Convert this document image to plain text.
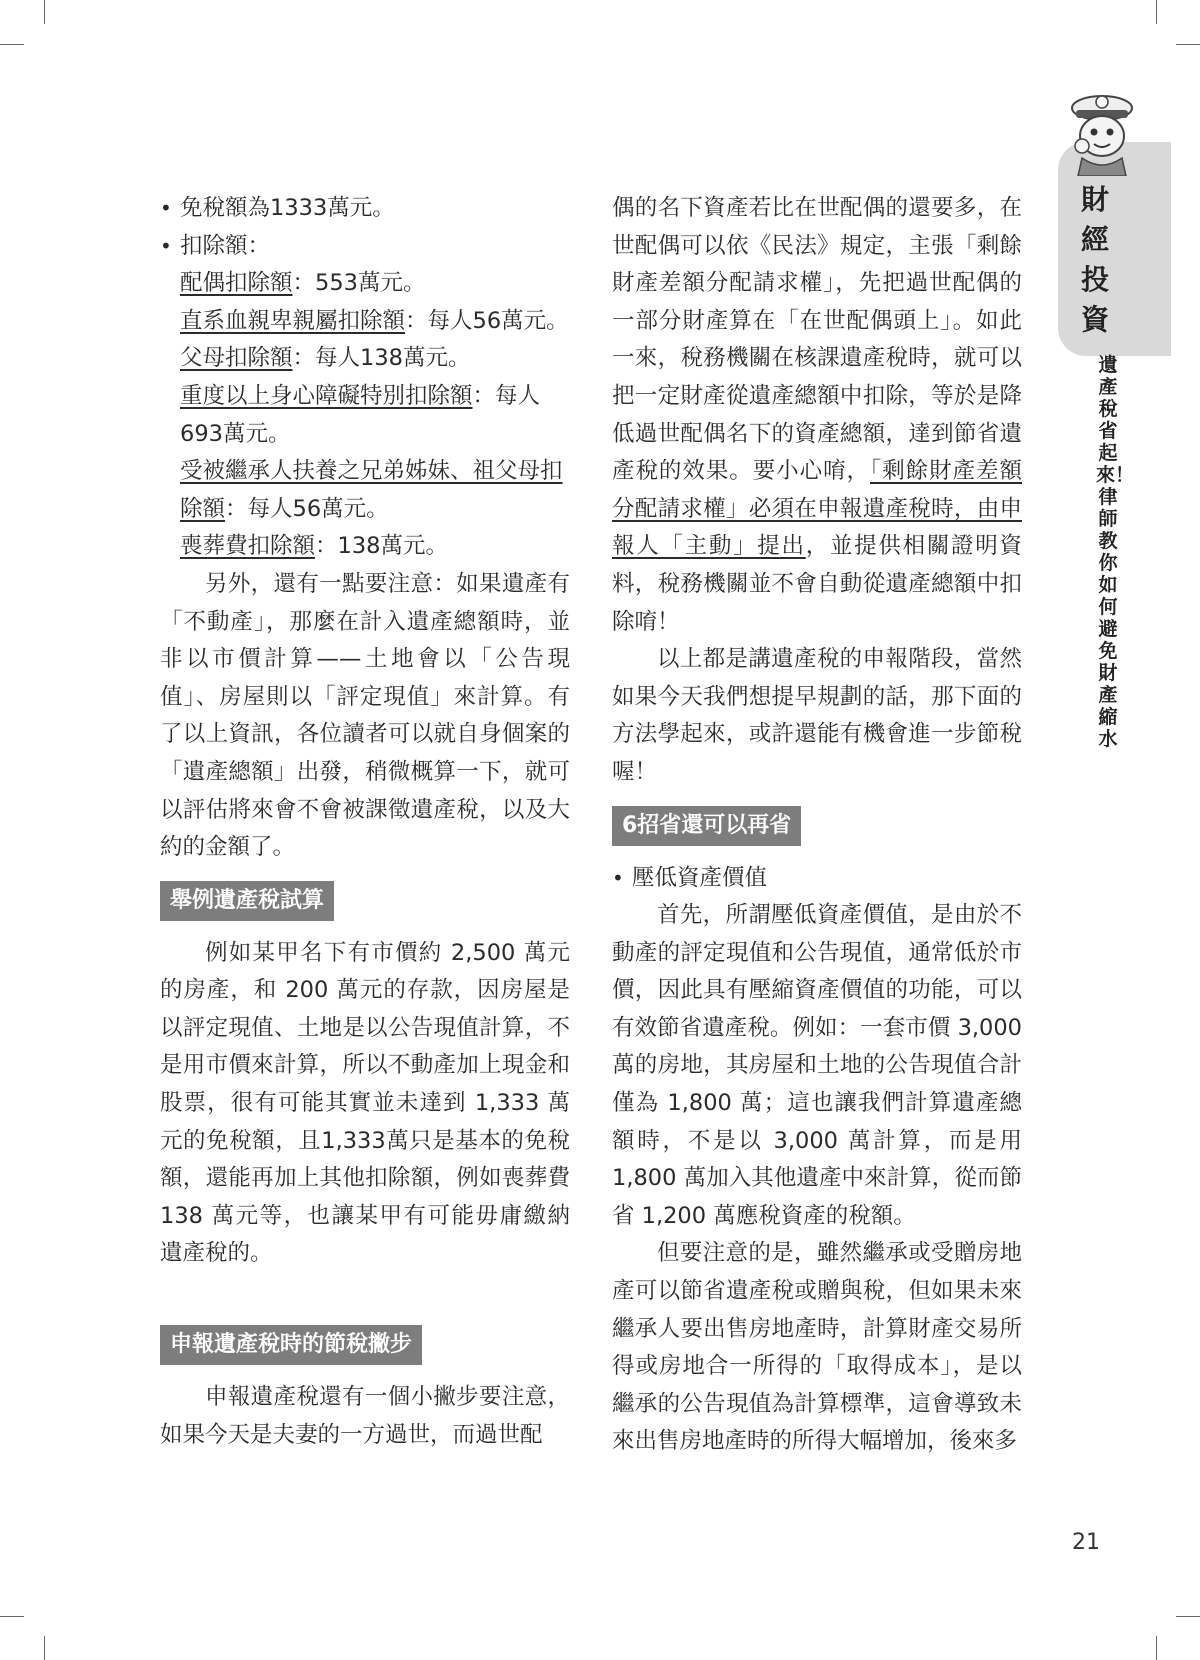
• 免稅額為1333萬元。

• 扣除額：

配偶扣除額：553萬元。

直系血親卑親屬扣除額：每人56萬元。

父母扣除額：每人138萬元。

重度以上身心障礙特別扣除額：每人693萬元。

受被繼承人扶養之兄弟姊妹、祖父母扣除額：每人56萬元。

喪葬費扣除額：138萬元。

另外，還有一點要注意：如果遺產有「不動產」，那麼在計入遺產總額時，並非以市價計算——土地會以「公告現值」、房屋則以「評定現值」來計算。有了以上資訊，各位讀者可以就自身個案的「遺產總額」出發，稍微概算一下，就可以評估將來會不會被課徵遺產稅，以及大約的金額了。

舉例遺產稅試算

例如某甲名下有市價約 2,500 萬元的房產，和 200 萬元的存款，因房屋是以評定現值、土地是以公告現值計算，不是用市價來計算，所以不動產加上現金和股票，很有可能其實並未達到 1,333 萬元的免稅額，且1,333萬只是基本的免稅額，還能再加上其他扣除額，例如喪葬費 138 萬元等，也讓某甲有可能毋庸繳納遺產稅的。

申報遺產稅時的節稅撇步

申報遺產稅還有一個小撇步要注意，如果今天是夫妻的一方過世，而過世配

偶的名下資產若比在世配偶的還要多，在世配偶可以依《民法》規定，主張「剩餘財產差額分配請求權」，先把過世配偶的一部分財產算在「在世配偶頭上」。如此一來，稅務機關在核課遺產稅時，就可以把一定財產從遺產總額中扣除，等於是降低過世配偶名下的資產總額，達到節省遺產稅的效果。要小心唷，「剩餘財產差額分配請求權」必須在申報遺產稅時，由申報人「主動」提出，並提供相關證明資料，稅務機關並不會自動從遺產總額中扣除唷！

以上都是講遺產稅的申報階段，當然如果今天我們想提早規劃的話，那下面的方法學起來，或許還能有機會進一步節稅喔！

6招省還可以再省

• 壓低資產價值

首先，所謂壓低資產價值，是由於不動產的評定現值和公告現值，通常低於市價，因此具有壓縮資產價值的功能，可以有效節省遺產稅。例如：一套市價 3,000 萬的房地，其房屋和土地的公告現值合計僅為 1,800 萬；這也讓我們計算遺產總額時，不是以 3,000 萬計算，而是用 1,800 萬加入其他遺產中來計算，從而節省 1,200 萬應稅資產的稅額。

但要注意的是，雖然繼承或受贈房地產可以節省遺產稅或贈與稅，但如果未來繼承人要出售房地產時，計算財產交易所得或房地合一所得的「取得成本」，是以繼承的公告現值為計算標準，這會導致未來出售房地產時的所得大幅增加，後來多

財經投資
遺產稅省起來！律師教你如何避免財產縮水
21
